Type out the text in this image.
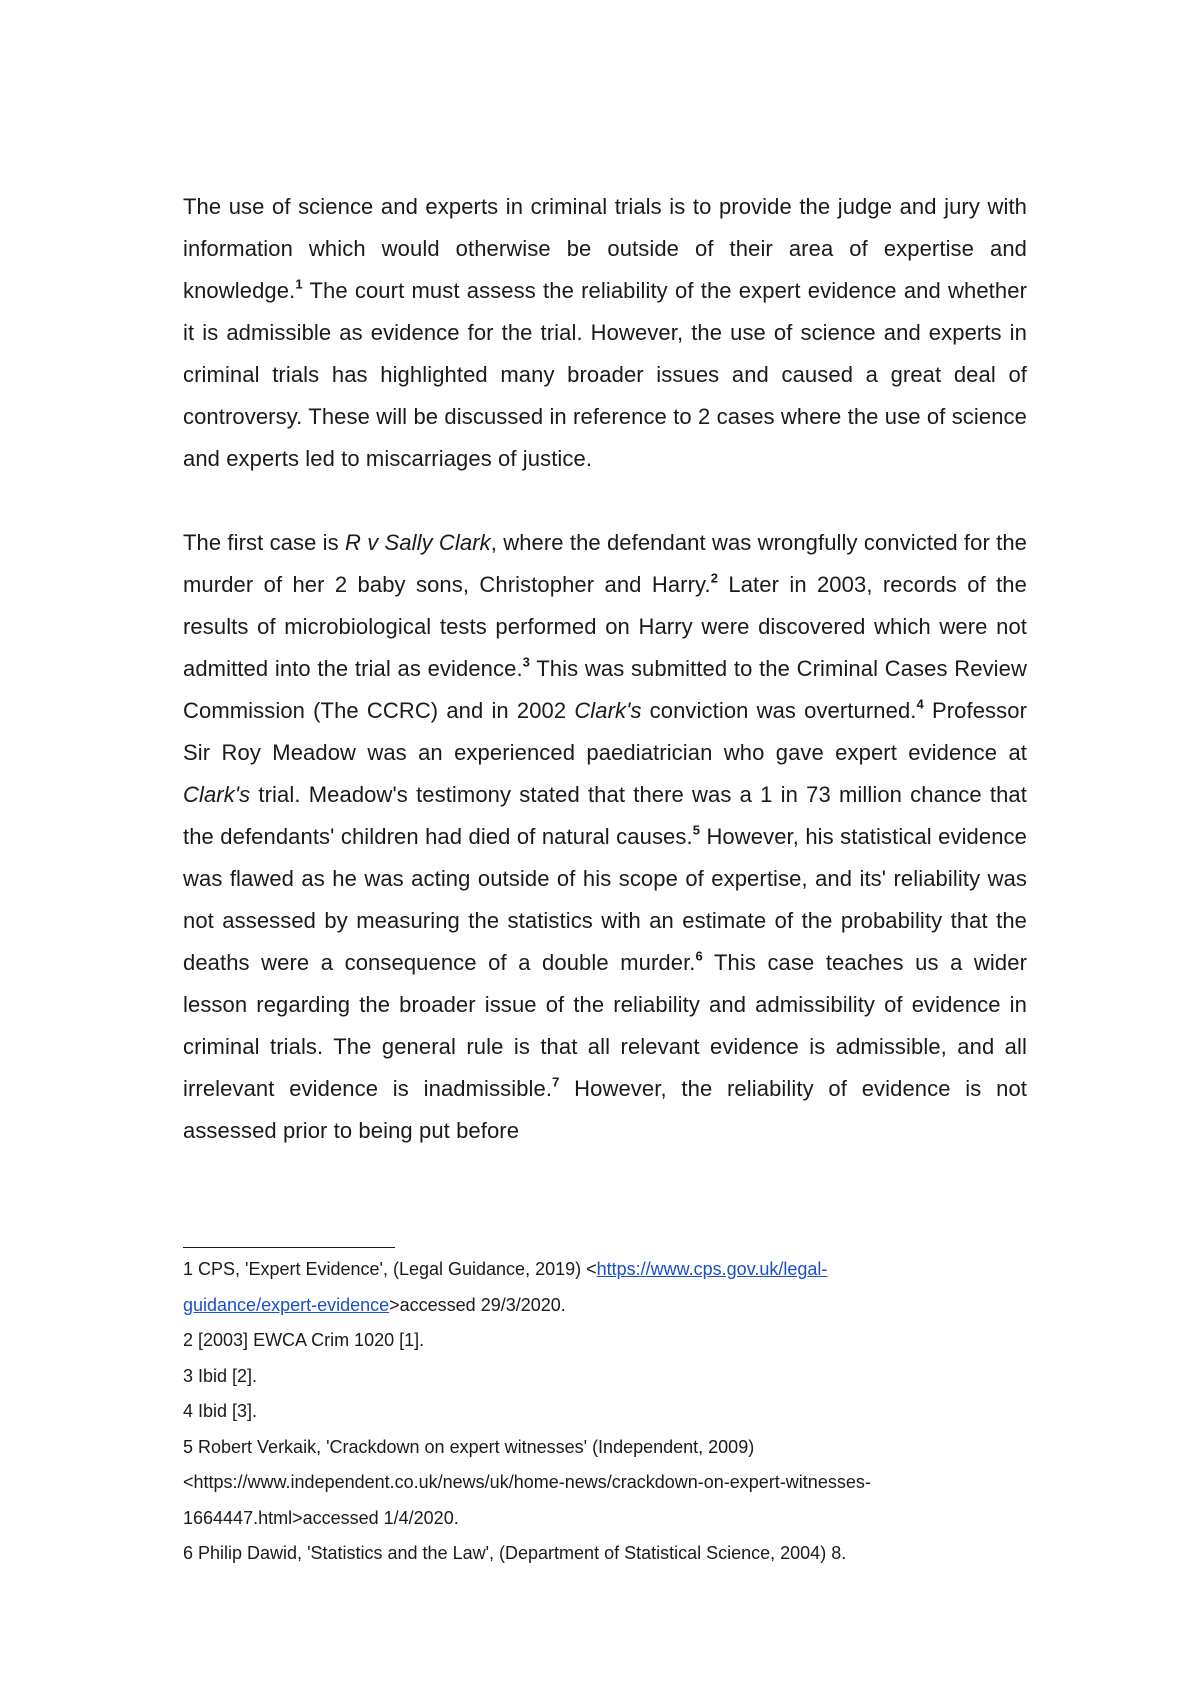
The use of science and experts in criminal trials is to provide the judge and jury with information which would otherwise be outside of their area of expertise and knowledge.$^1$ The court must assess the reliability of the expert evidence and whether it is admissible as evidence for the trial. However, the use of science and experts in criminal trials has highlighted many broader issues and caused a great deal of controversy. These will be discussed in reference to 2 cases where the use of science and experts led to miscarriages of justice.

The first case is R v Sally Clark, where the defendant was wrongfully convicted for the murder of her 2 baby sons, Christopher and Harry.$^2$ Later in 2003, records of the results of microbiological tests performed on Harry were discovered which were not admitted into the trial as evidence.$^3$ This was submitted to the Criminal Cases Review Commission (The CCRC) and in 2002 Clark's conviction was overturned.$^4$ Professor Sir Roy Meadow was an experienced paediatrician who gave expert evidence at Clark's trial. Meadow's testimony stated that there was a 1 in 73 million chance that the defendants' children had died of natural causes.$^5$ However, his statistical evidence was flawed as he was acting outside of his scope of expertise, and its' reliability was not assessed by measuring the statistics with an estimate of the probability that the deaths were a consequence of a double murder.$^6$ This case teaches us a wider lesson regarding the broader issue of the reliability and admissibility of evidence in criminal trials. The general rule is that all relevant evidence is admissible, and all irrelevant evidence is inadmissible.$^7$ However, the reliability of evidence is not assessed prior to being put before

1 CPS, 'Expert Evidence', (Legal Guidance, 2019) <https://www.cps.gov.uk/legal-
guidance/expert-evidence>accessed 29/3/2020.

2 [2003] EWCA Crim 1020 [1].

3 Ibid [2].

4 Ibid [3].

5 Robert Verkaik, 'Crackdown on expert witnesses' (Independent, 2009)
<https://www.independent.co.uk/news/uk/home-news/crackdown-on-expert-witnesses-
1664447.html>accessed 1/4/2020.

6 Philip Dawid, 'Statistics and the Law', (Department of Statistical Science, 2004) 8.
